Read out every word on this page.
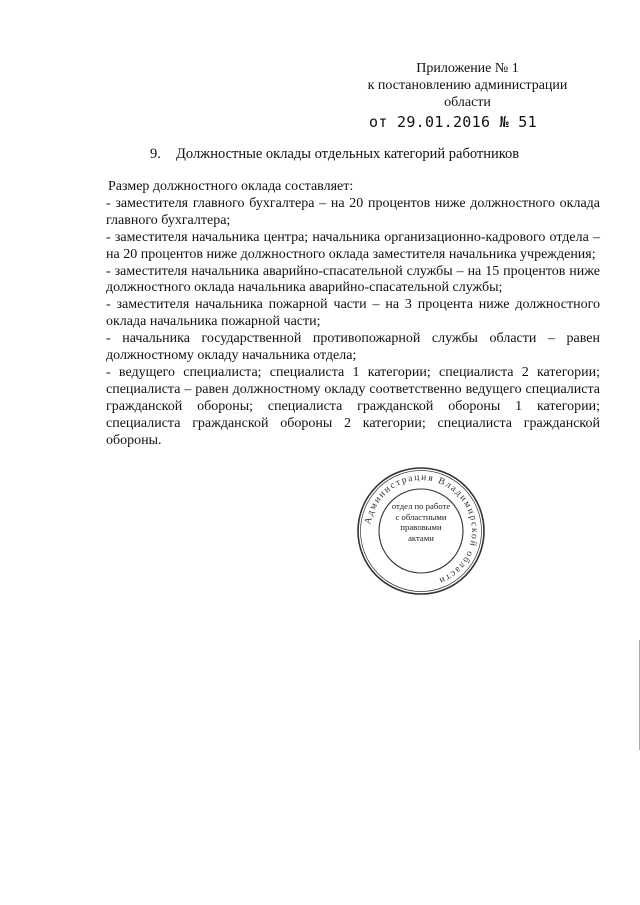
Приложение № 1
к постановлению администрации
области
от 29.01.2016 № 51
9. Должностные оклады отдельных категорий работников

Размер должностного оклада составляет:

- заместителя главного бухгалтера – на 20 процентов ниже должностного оклада главного бухгалтера;

- заместителя начальника центра; начальника организационно-кадрового отдела – на 20 процентов ниже должностного оклада заместителя начальника учреждения;

- заместителя начальника аварийно-спасательной службы – на 15 процентов ниже должностного оклада начальника аварийно-спасательной службы;

- заместителя начальника пожарной части – на 3 процента ниже должностного оклада начальника пожарной части;

- начальника государственной противопожарной службы области – равен должностному окладу начальника отдела;

- ведущего специалиста; специалиста 1 категории; специалиста 2 категории; специалиста – равен должностному окладу соответственно ведущего специалиста гражданской обороны; специалиста гражданской обороны 1 категории; специалиста гражданской обороны 2 категории; специалиста гражданской обороны.

Администрация Владимирской области
отдел по работе
с областными
правовыми
актами
